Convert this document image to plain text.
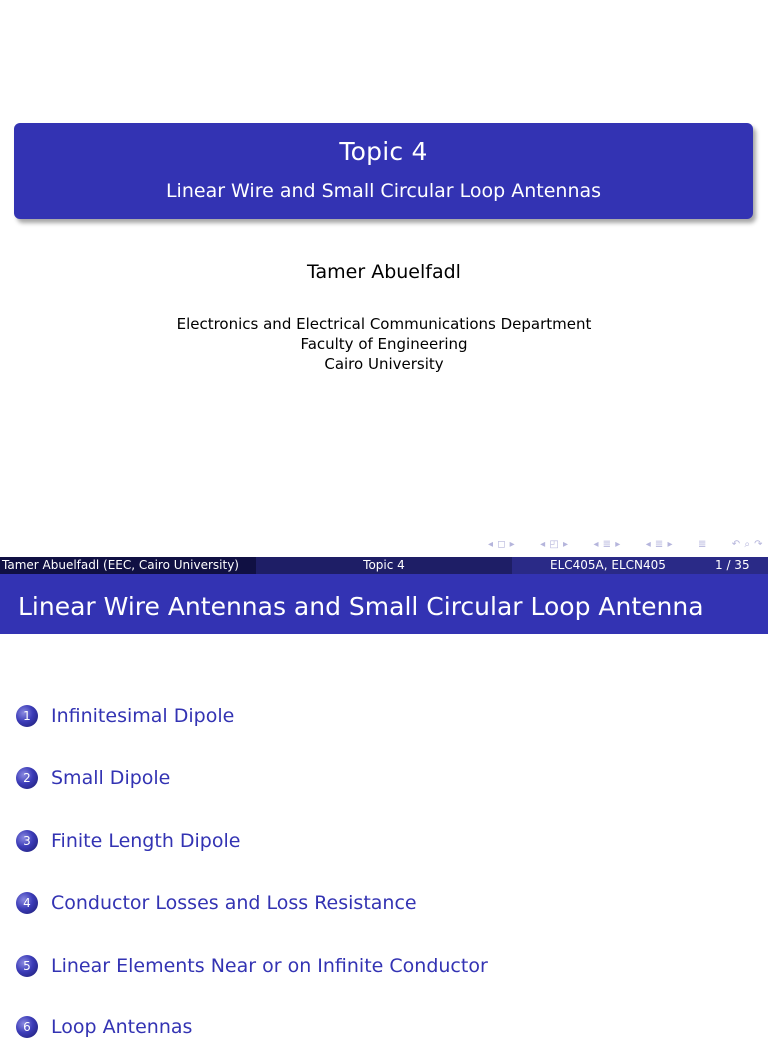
Topic 4
Linear Wire and Small Circular Loop Antennas
Tamer Abuelfadl
Electronics and Electrical Communications Department
Faculty of Engineering
Cairo University
◂ ◻ ▸ ◂ ◰ ▸ ◂ ≣ ▸ ◂ ≣ ▸ ≣ ↶ ⌕ ↷
Tamer Abuelfadl (EEC, Cairo University)	Topic 4	ELC405A, ELCN405	1 / 35
Linear Wire Antennas and Small Circular Loop Antenna
1	Infinitesimal Dipole
2	Small Dipole
3	Finite Length Dipole
4	Conductor Losses and Loss Resistance
5	Linear Elements Near or on Infinite Conductor
6	Loop Antennas
